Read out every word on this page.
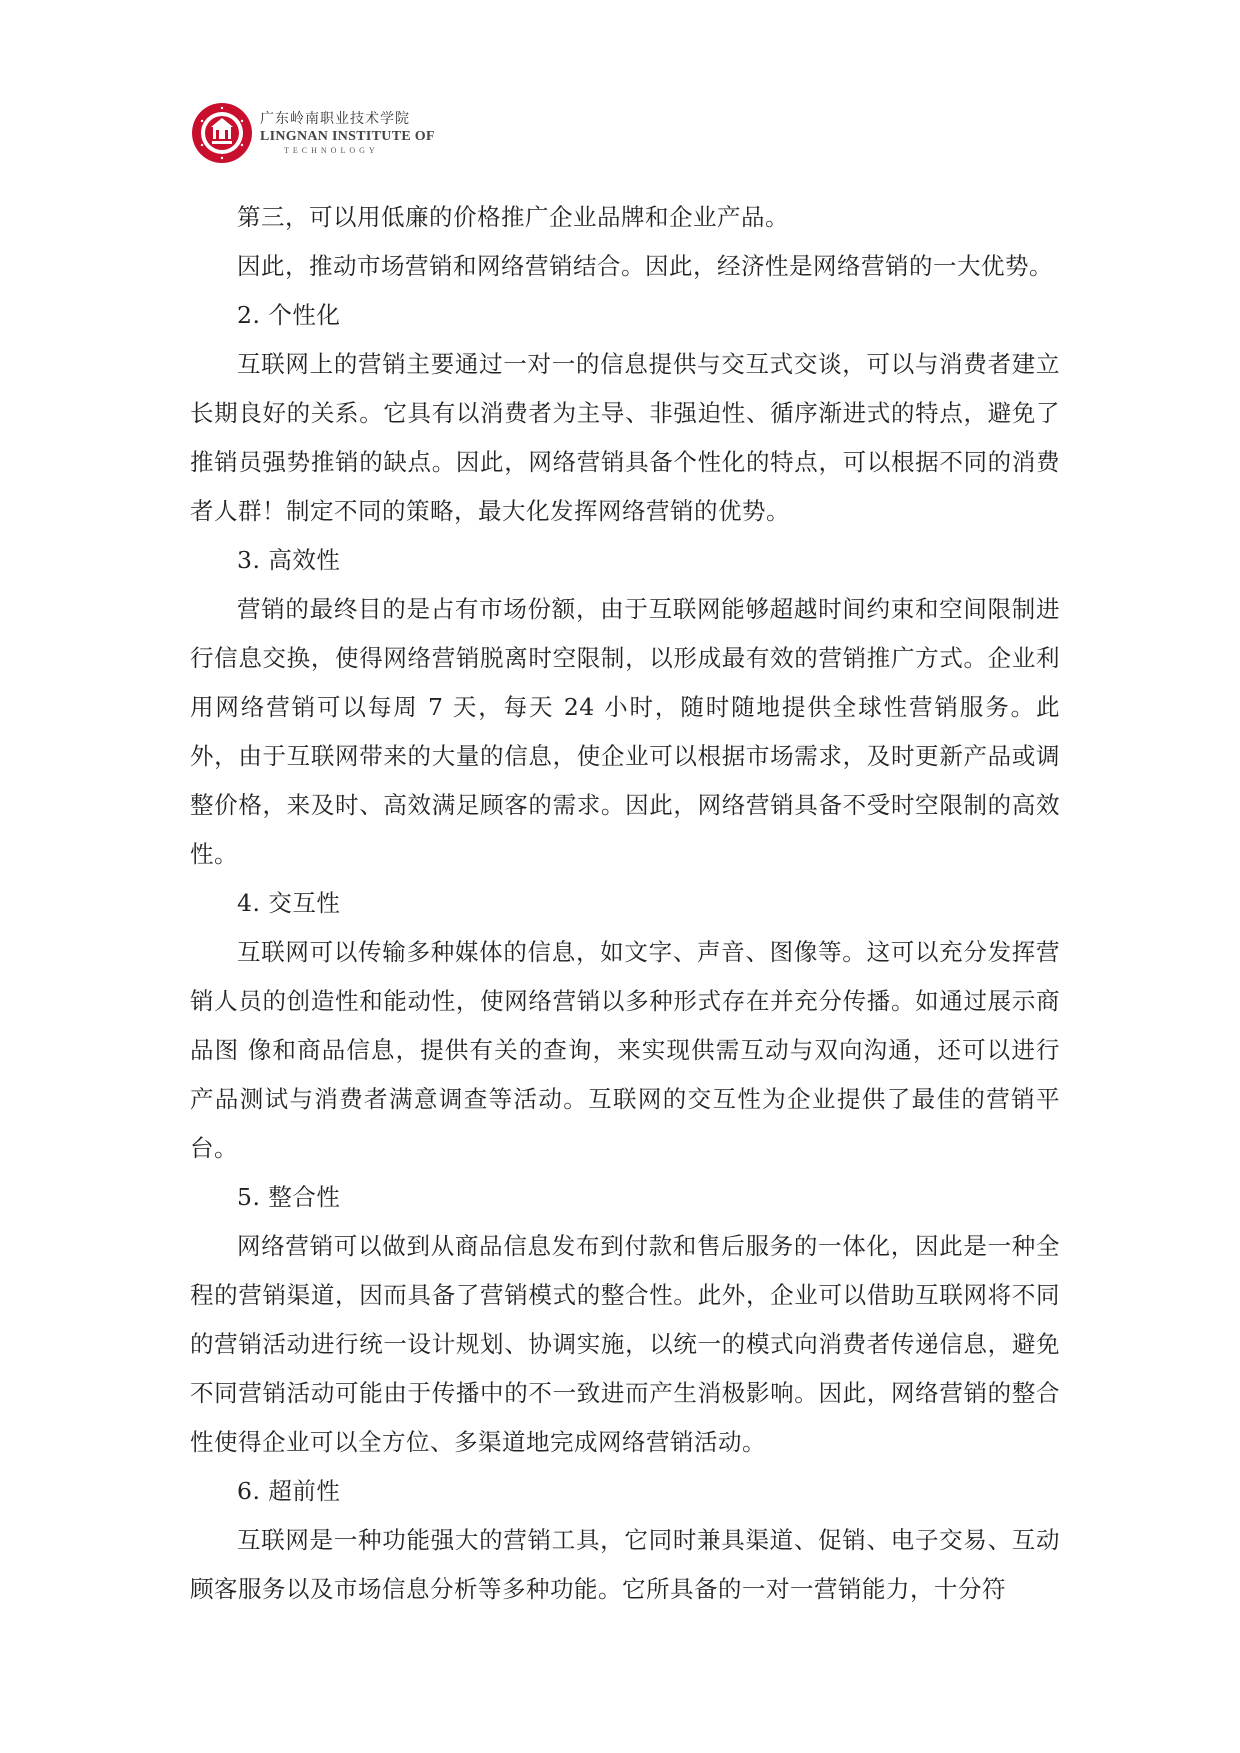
广东岭南职业技术学院
LINGNAN INSTITUTE OF
TECHNOLOGY

第三，可以用低廉的价格推广企业品牌和企业产品。

因此，推动市场营销和网络营销结合。因此，经济性是网络营销的一大优势。

2. 个性化

互联网上的营销主要通过一对一的信息提供与交互式交谈，可以与消费者建立长期良好的关系。它具有以消费者为主导、非强迫性、循序渐进式的特点，避免了推销员强势推销的缺点。因此，网络营销具备个性化的特点，可以根据不同的消费者人群！制定不同的策略，最大化发挥网络营销的优势。

3. 高效性

营销的最终目的是占有市场份额，由于互联网能够超越时间约束和空间限制进行信息交换，使得网络营销脱离时空限制，以形成最有效的营销推广方式。企业利用网络营销可以每周 7 天，每天 24 小时，随时随地提供全球性营销服务。此外，由于互联网带来的大量的信息，使企业可以根据市场需求，及时更新产品或调整价格，来及时、高效满足顾客的需求。因此，网络营销具备不受时空限制的高效性。

4. 交互性

互联网可以传输多种媒体的信息，如文字、声音、图像等。这可以充分发挥营销人员的创造性和能动性，使网络营销以多种形式存在并充分传播。如通过展示商品图 像和商品信息，提供有关的查询，来实现供需互动与双向沟通，还可以进行产品测试与消费者满意调查等活动。互联网的交互性为企业提供了最佳的营销平台。

5. 整合性

网络营销可以做到从商品信息发布到付款和售后服务的一体化，因此是一种全程的营销渠道，因而具备了营销模式的整合性。此外，企业可以借助互联网将不同的营销活动进行统一设计规划、协调实施，以统一的模式向消费者传递信息，避免不同营销活动可能由于传播中的不一致进而产生消极影响。因此，网络营销的整合性使得企业可以全方位、多渠道地完成网络营销活动。

6. 超前性

互联网是一种功能强大的营销工具，它同时兼具渠道、促销、电子交易、互动顾客服务以及市场信息分析等多种功能。它所具备的一对一营销能力，十分符
